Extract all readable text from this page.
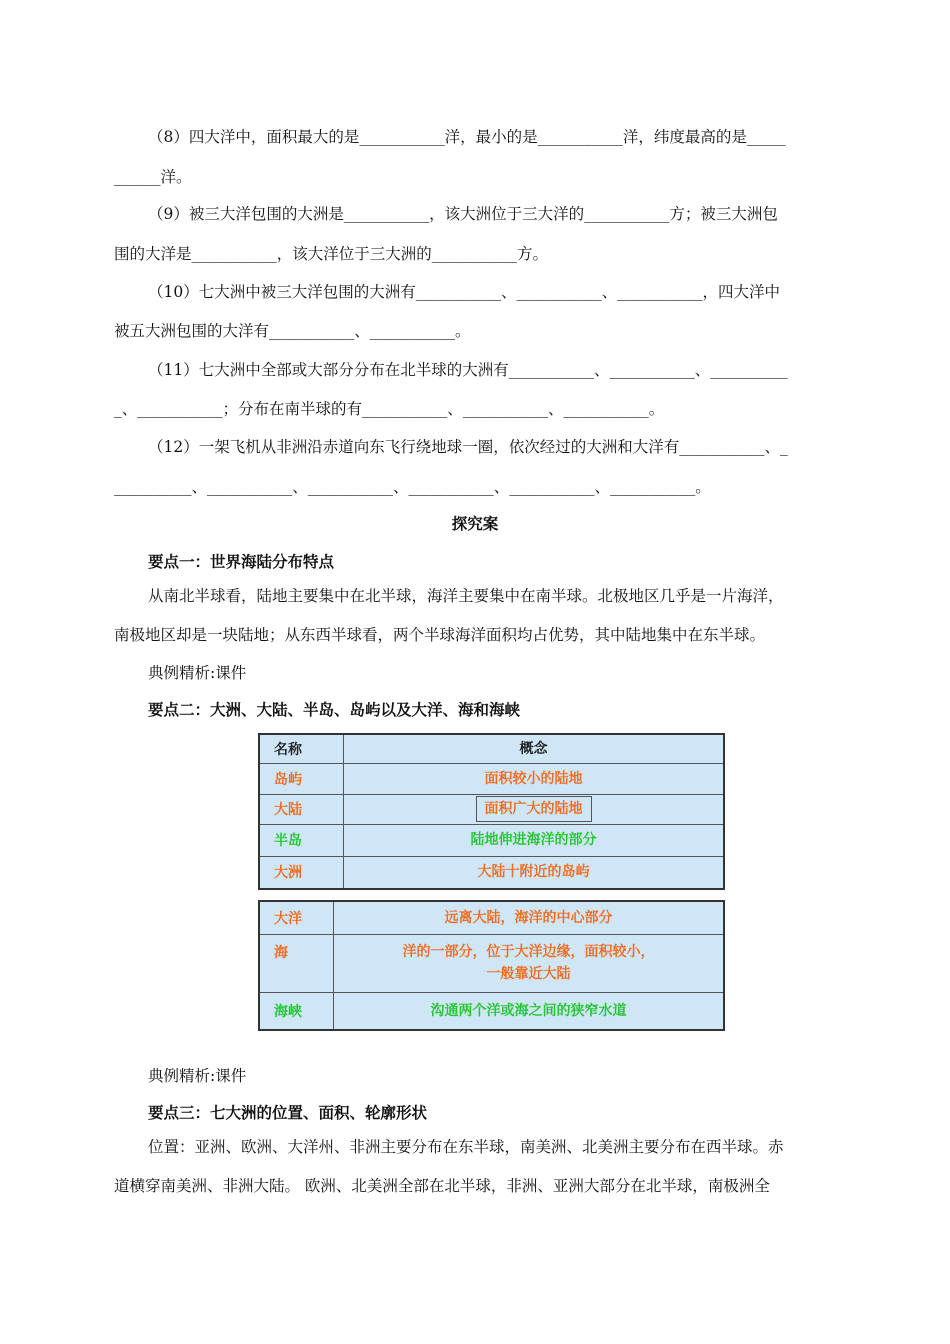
（8）四大洋中，面积最大的是___________洋，最小的是___________洋，纬度最高的是_____
______洋。
（9）被三大洋包围的大洲是___________，该大洲位于三大洋的___________方；被三大洲包
围的大洋是___________，该大洋位于三大洲的___________方。
（10）七大洲中被三大洋包围的大洲有___________、___________、___________，四大洋中
被五大洲包围的大洋有___________、___________。
（11）七大洲中全部或大部分分布在北半球的大洲有___________、___________、__________
_、___________；分布在南半球的有___________、___________、___________。
（12）一架飞机从非洲沿赤道向东飞行绕地球一圈，依次经过的大洲和大洋有___________、_
__________、___________、___________、___________、___________、___________。
探究案
要点一：世界海陆分布特点
从南北半球看，陆地主要集中在北半球，海洋主要集中在南半球。北极地区几乎是一片海洋，
南极地区却是一块陆地；从东西半球看，两个半球海洋面积均占优势，其中陆地集中在东半球。
典例精析:课件
要点二：大洲、大陆、半岛、岛屿以及大洋、海和海峡
名称	概念
岛屿	面积较小的陆地
大陆	面积广大的陆地
半岛	陆地伸进海洋的部分
大洲	大陆十附近的岛屿
大洋	远离大陆，海洋的中心部分
海	洋的一部分，位于大洋边缘，面积较小，
一般靠近大陆
海峡	沟通两个洋或海之间的狭窄水道
典例精析:课件
要点三：七大洲的位置、面积、轮廓形状
位置：亚洲、欧洲、大洋州、非洲主要分布在东半球，南美洲、北美洲主要分布在西半球。赤
道横穿南美洲、非洲大陆。 欧洲、北美洲全部在北半球，非洲、亚洲大部分在北半球，南极洲全
